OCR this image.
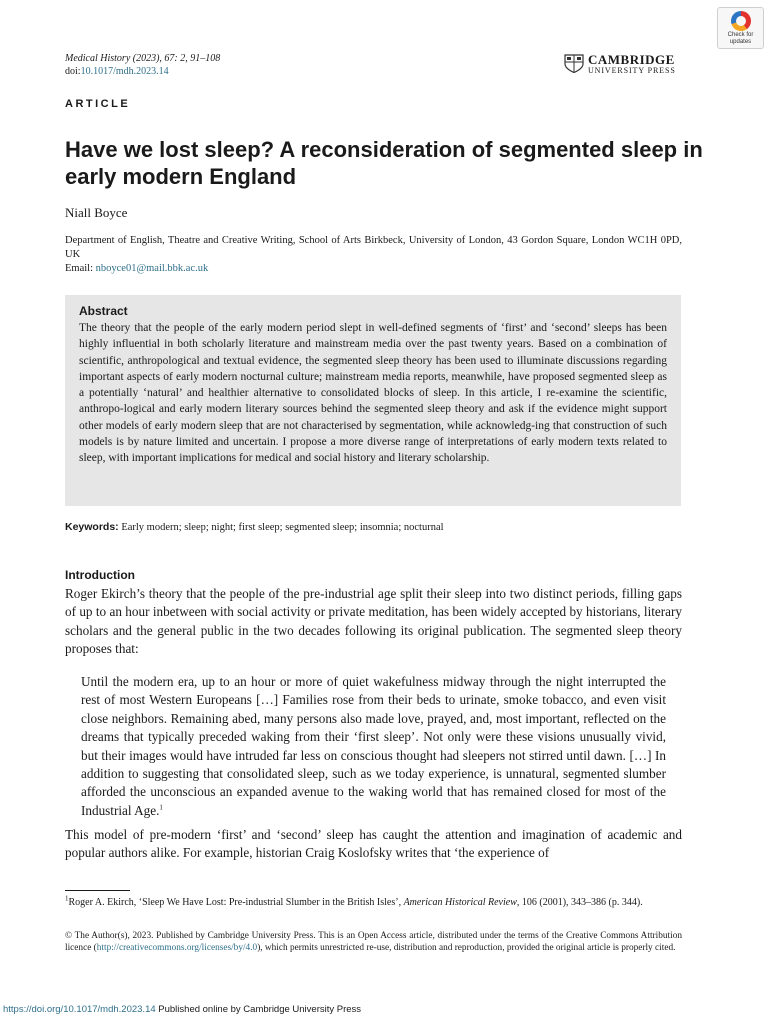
Check for
updates
Medical History (2023), 67: 2, 91–108
doi:10.1017/mdh.2023.14
CAMBRIDGE
UNIVERSITY PRESS
ARTICLE
Have we lost sleep? A reconsideration of segmented sleep in early modern England
Niall Boyce
Department of English, Theatre and Creative Writing, School of Arts Birkbeck, University of London, 43 Gordon Square, London WC1H 0PD, UK
Email: nboyce01@mail.bbk.ac.uk
Abstract
The theory that the people of the early modern period slept in well-defined segments of ‘first’ and ‘second’ sleeps has been highly influential in both scholarly literature and mainstream media over the past twenty years. Based on a combination of scientific, anthropological and textual evidence, the segmented sleep theory has been used to illuminate discussions regarding important aspects of early modern nocturnal culture; mainstream media reports, meanwhile, have proposed segmented sleep as a potentially ‘natural’ and healthier alternative to consolidated blocks of sleep. In this article, I re-examine the scientific, anthropo-logical and early modern literary sources behind the segmented sleep theory and ask if the evidence might support other models of early modern sleep that are not characterised by segmentation, while acknowledg-ing that construction of such models is by nature limited and uncertain. I propose a more diverse range of interpretations of early modern texts related to sleep, with important implications for medical and social history and literary scholarship.
Keywords: Early modern; sleep; night; first sleep; segmented sleep; insomnia; nocturnal
Introduction
Roger Ekirch’s theory that the people of the pre-industrial age split their sleep into two distinct periods, filling gaps of up to an hour inbetween with social activity or private meditation, has been widely accepted by historians, literary scholars and the general public in the two decades following its original publication. The segmented sleep theory proposes that:
Until the modern era, up to an hour or more of quiet wakefulness midway through the night interrupted the rest of most Western Europeans […] Families rose from their beds to urinate, smoke tobacco, and even visit close neighbors. Remaining abed, many persons also made love, prayed, and, most important, reflected on the dreams that typically preceded waking from their ‘first sleep’. Not only were these visions unusually vivid, but their images would have intruded far less on conscious thought had sleepers not stirred until dawn. […] In addition to suggesting that consolidated sleep, such as we today experience, is unnatural, segmented slumber afforded the unconscious an expanded avenue to the waking world that has remained closed for most of the Industrial Age.$^1$
This model of pre-modern ‘first’ and ‘second’ sleep has caught the attention and imagination of academic and popular authors alike. For example, historian Craig Koslofsky writes that ‘the experience of
$^1$Roger A. Ekirch, ‘Sleep We Have Lost: Pre-industrial Slumber in the British Isles’, American Historical Review, 106 (2001), 343–386 (p. 344).
© The Author(s), 2023. Published by Cambridge University Press. This is an Open Access article, distributed under the terms of the Creative Commons Attribution licence (http://creativecommons.org/licenses/by/4.0), which permits unrestricted re-use, distribution and reproduction, provided the original article is properly cited.
https://doi.org/10.1017/mdh.2023.14 Published online by Cambridge University Press
